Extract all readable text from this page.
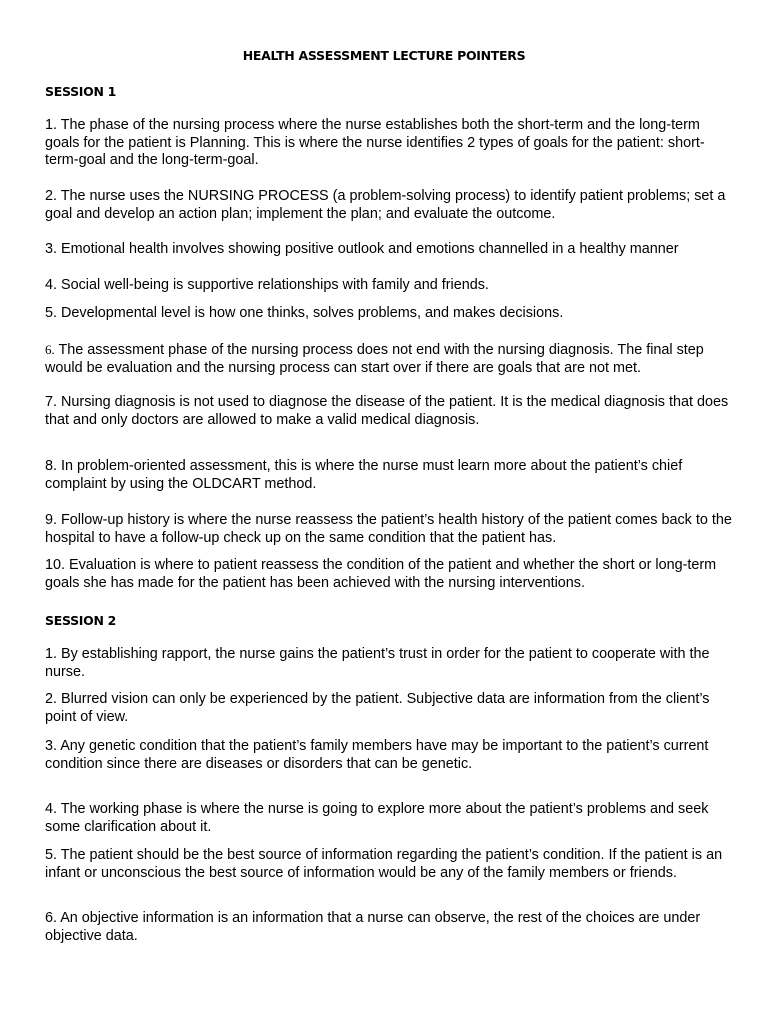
HEALTH ASSESSMENT LECTURE POINTERS
SESSION 1
1. The phase of the nursing process where the nurse establishes both the short-term and the long-term goals for the patient is Planning. This is where the nurse identifies 2 types of goals for the patient: short-term-goal and the long-term-goal.
2. The nurse uses the NURSING PROCESS (a problem-solving process) to identify patient problems; set a goal and develop an action plan; implement the plan; and evaluate the outcome.
3. Emotional health involves showing positive outlook and emotions channelled in a healthy manner
4. Social well-being is supportive relationships with family and friends.
5. Developmental level is how one thinks, solves problems, and makes decisions.
6. The assessment phase of the nursing process does not end with the nursing diagnosis. The final step would be evaluation and the nursing process can start over if there are goals that are not met.
7. Nursing diagnosis is not used to diagnose the disease of the patient. It is the medical diagnosis that does that and only doctors are allowed to make a valid medical diagnosis.
8. In problem-oriented assessment, this is where the nurse must learn more about the patient’s chief complaint by using the OLDCART method.
9. Follow-up history is where the nurse reassess the patient’s health history of the patient comes back to the hospital to have a follow-up check up on the same condition that the patient has.
10. Evaluation is where to patient reassess the condition of the patient and whether the short or long-term goals she has made for the patient has been achieved with the nursing interventions.
SESSION 2
1. By establishing rapport, the nurse gains the patient’s trust in order for the patient to cooperate with the nurse.
2. Blurred vision can only be experienced by the patient. Subjective data are information from the client’s point of view.
3. Any genetic condition that the patient’s family members have may be important to the patient’s current condition since there are diseases or disorders that can be genetic.
4. The working phase is where the nurse is going to explore more about the patient’s problems and seek some clarification about it.
5. The patient should be the best source of information regarding the patient’s condition. If the patient is an infant or unconscious the best source of information would be any of the family members or friends.
6. An objective information is an information that a nurse can observe, the rest of the choices are under objective data.
